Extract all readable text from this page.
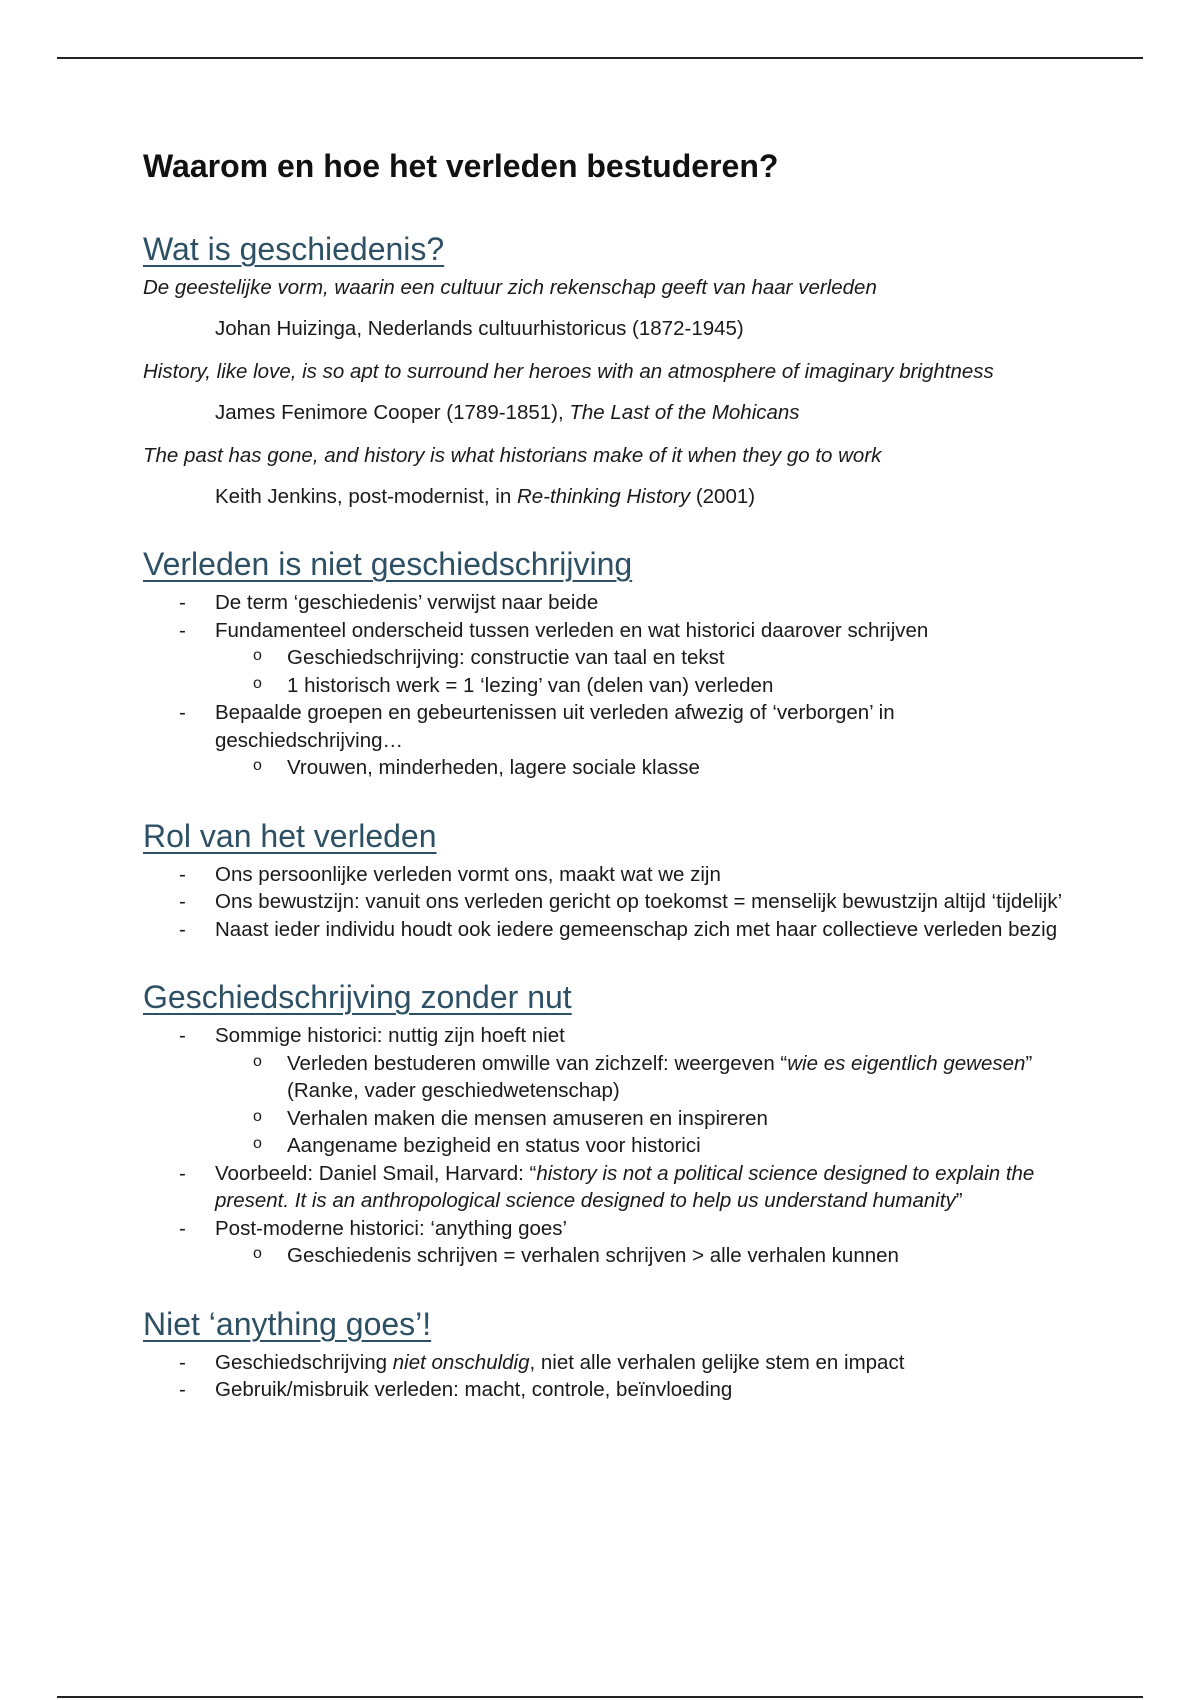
Waarom en hoe het verleden bestuderen?
Wat is geschiedenis?

De geestelijke vorm, waarin een cultuur zich rekenschap geeft van haar verleden

Johan Huizinga, Nederlands cultuurhistoricus (1872-1945)

History, like love, is so apt to surround her heroes with an atmosphere of imaginary brightness

James Fenimore Cooper (1789-1851), The Last of the Mohicans

The past has gone, and history is what historians make of it when they go to work

Keith Jenkins, post-modernist, in Re-thinking History (2001)

Verleden is niet geschiedschrijving
- De term ‘geschiedenis’ verwijst naar beide
- Fundamenteel onderscheid tussen verleden en wat historici daarover schrijven
o Geschiedschrijving: constructie van taal en tekst
o 1 historisch werk = 1 ‘lezing’ van (delen van) verleden
- Bepaalde groepen en gebeurtenissen uit verleden afwezig of ‘verborgen’ in geschiedschrijving…
o Vrouwen, minderheden, lagere sociale klasse
Rol van het verleden
- Ons persoonlijke verleden vormt ons, maakt wat we zijn
- Ons bewustzijn: vanuit ons verleden gericht op toekomst = menselijk bewustzijn altijd ‘tijdelijk’
- Naast ieder individu houdt ook iedere gemeenschap zich met haar collectieve verleden bezig
Geschiedschrijving zonder nut
- Sommige historici: nuttig zijn hoeft niet
o Verleden bestuderen omwille van zichzelf: weergeven “wie es eigentlich gewesen” (Ranke, vader geschiedwetenschap)
o Verhalen maken die mensen amuseren en inspireren
o Aangename bezigheid en status voor historici
- Voorbeeld: Daniel Smail, Harvard: “history is not a political science designed to explain the present. It is an anthropological science designed to help us understand humanity”
- Post-moderne historici: ‘anything goes’
o Geschiedenis schrijven = verhalen schrijven > alle verhalen kunnen
Niet ‘anything goes’!
- Geschiedschrijving niet onschuldig, niet alle verhalen gelijke stem en impact
- Gebruik/misbruik verleden: macht, controle, beïnvloeding
